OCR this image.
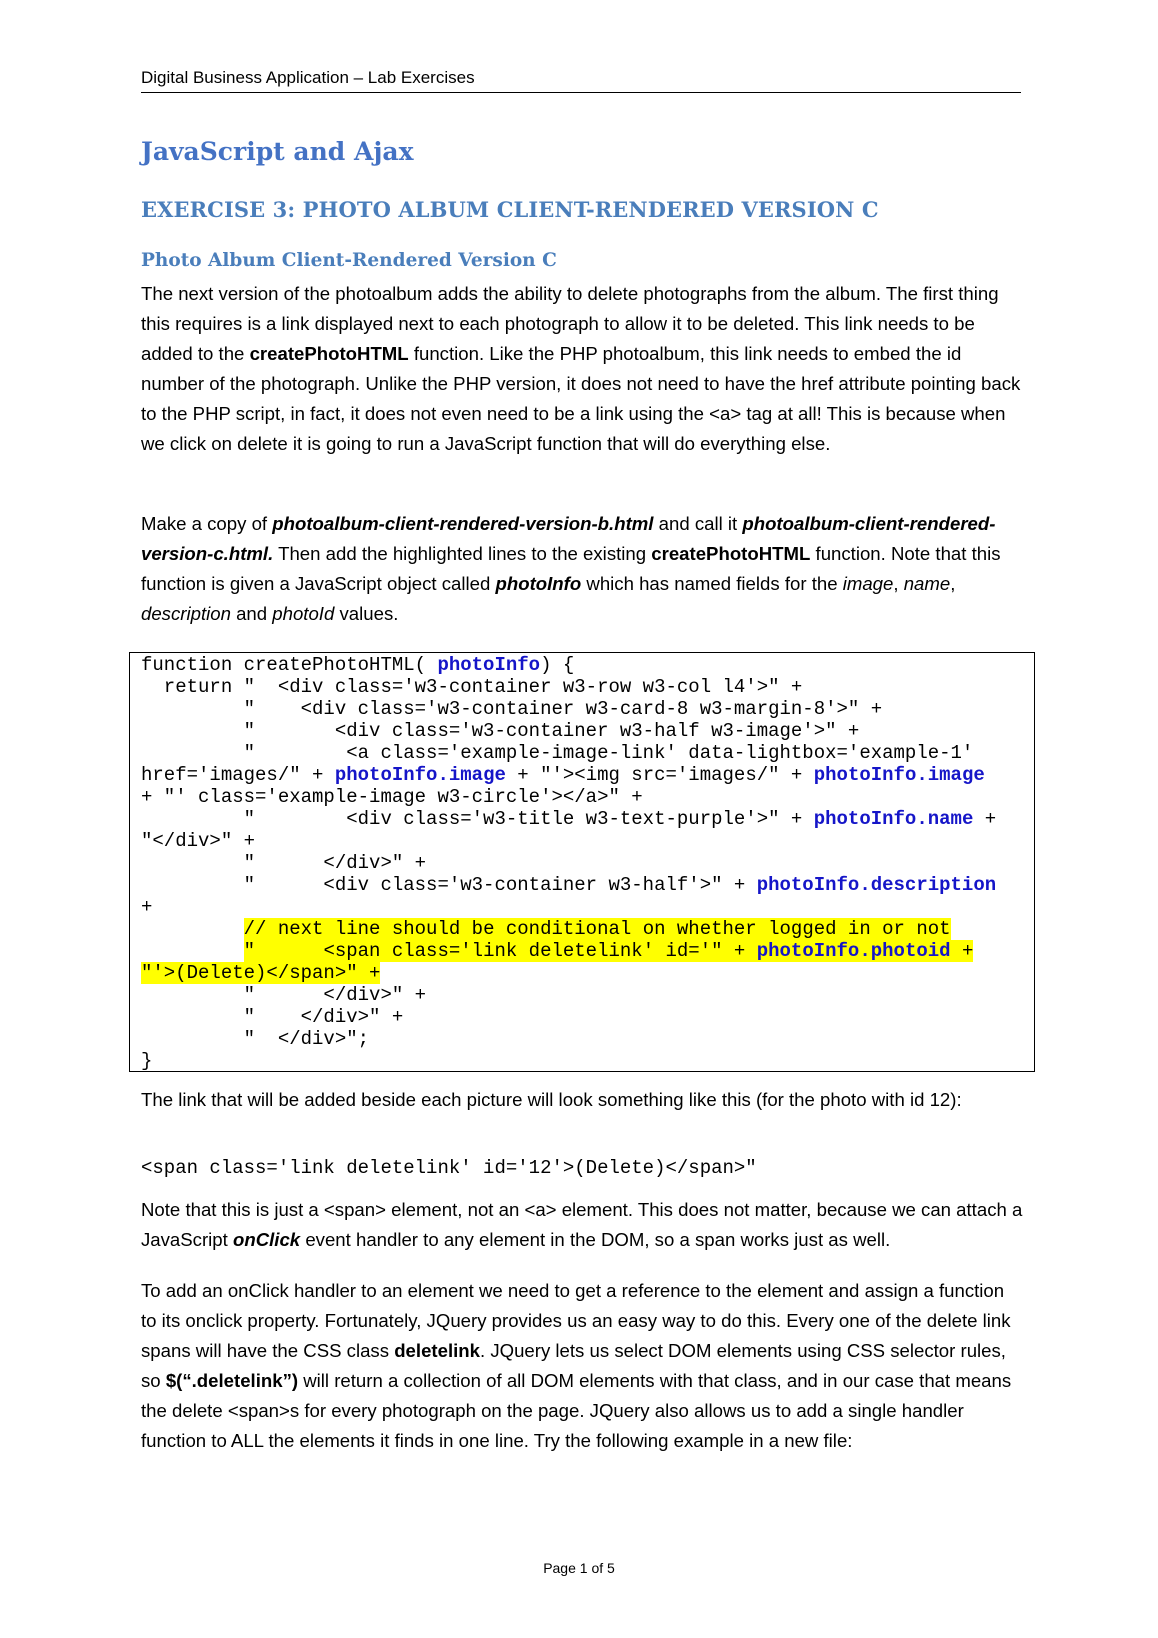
Digital Business Application – Lab Exercises
JavaScript and Ajax
EXERCISE 3: PHOTO ALBUM CLIENT-RENDERED VERSION C
Photo Album Client-Rendered Version C

The next version of the photoalbum adds the ability to delete photographs from the album. The first thing this requires is a link displayed next to each photograph to allow it to be deleted. This link needs to be added to the createPhotoHTML function. Like the PHP photoalbum, this link needs to embed the id number of the photograph. Unlike the PHP version, it does not need to have the href attribute pointing back to the PHP script, in fact, it does not even need to be a link using the <a> tag at all! This is because when we click on delete it is going to run a JavaScript function that will do everything else.

Make a copy of photoalbum-client-rendered-version-b.html and call it photoalbum-client-rendered-version-c.html. Then add the highlighted lines to the existing createPhotoHTML function. Note that this function is given a JavaScript object called photoInfo which has named fields for the image, name, description and photoId values.

function createPhotoHTML( photoInfo) {
return "  <div class='w3-container w3-row w3-col l4'>" +
"    <div class='w3-container w3-card-8 w3-margin-8'>" +
"       <div class='w3-container w3-half w3-image'>" +
"        <a class='example-image-link' data-lightbox='example-1'
href='images/" + photoInfo.image + "'><img src='images/" + photoInfo.image
+ "' class='example-image w3-circle'></a>" +
"        <div class='w3-title w3-text-purple'>" + photoInfo.name +
"</div>" +
"      </div>" +
"      <div class='w3-container w3-half'>" + photoInfo.description
+
// next line should be conditional on whether logged in or not
"      <span class='link deletelink' id='" + photoInfo.photoid +
"'>(Delete)</span>" +
"      </div>" +
"    </div>" +
"  </div>";
}

The link that will be added beside each picture will look something like this (for the photo with id 12):

<span class='link deletelink' id='12'>(Delete)</span>"

Note that this is just a <span> element, not an <a> element. This does not matter, because we can attach a JavaScript onClick event handler to any element in the DOM, so a span works just as well.

To add an onClick handler to an element we need to get a reference to the element and assign a function to its onclick property. Fortunately, JQuery provides us an easy way to do this. Every one of the delete link spans will have the CSS class deletelink. JQuery lets us select DOM elements using CSS selector rules, so $(“.deletelink”) will return a collection of all DOM elements with that class, and in our case that means the delete <span>s for every photograph on the page. JQuery also allows us to add a single handler function to ALL the elements it finds in one line. Try the following example in a new file:

Page 1 of 5
